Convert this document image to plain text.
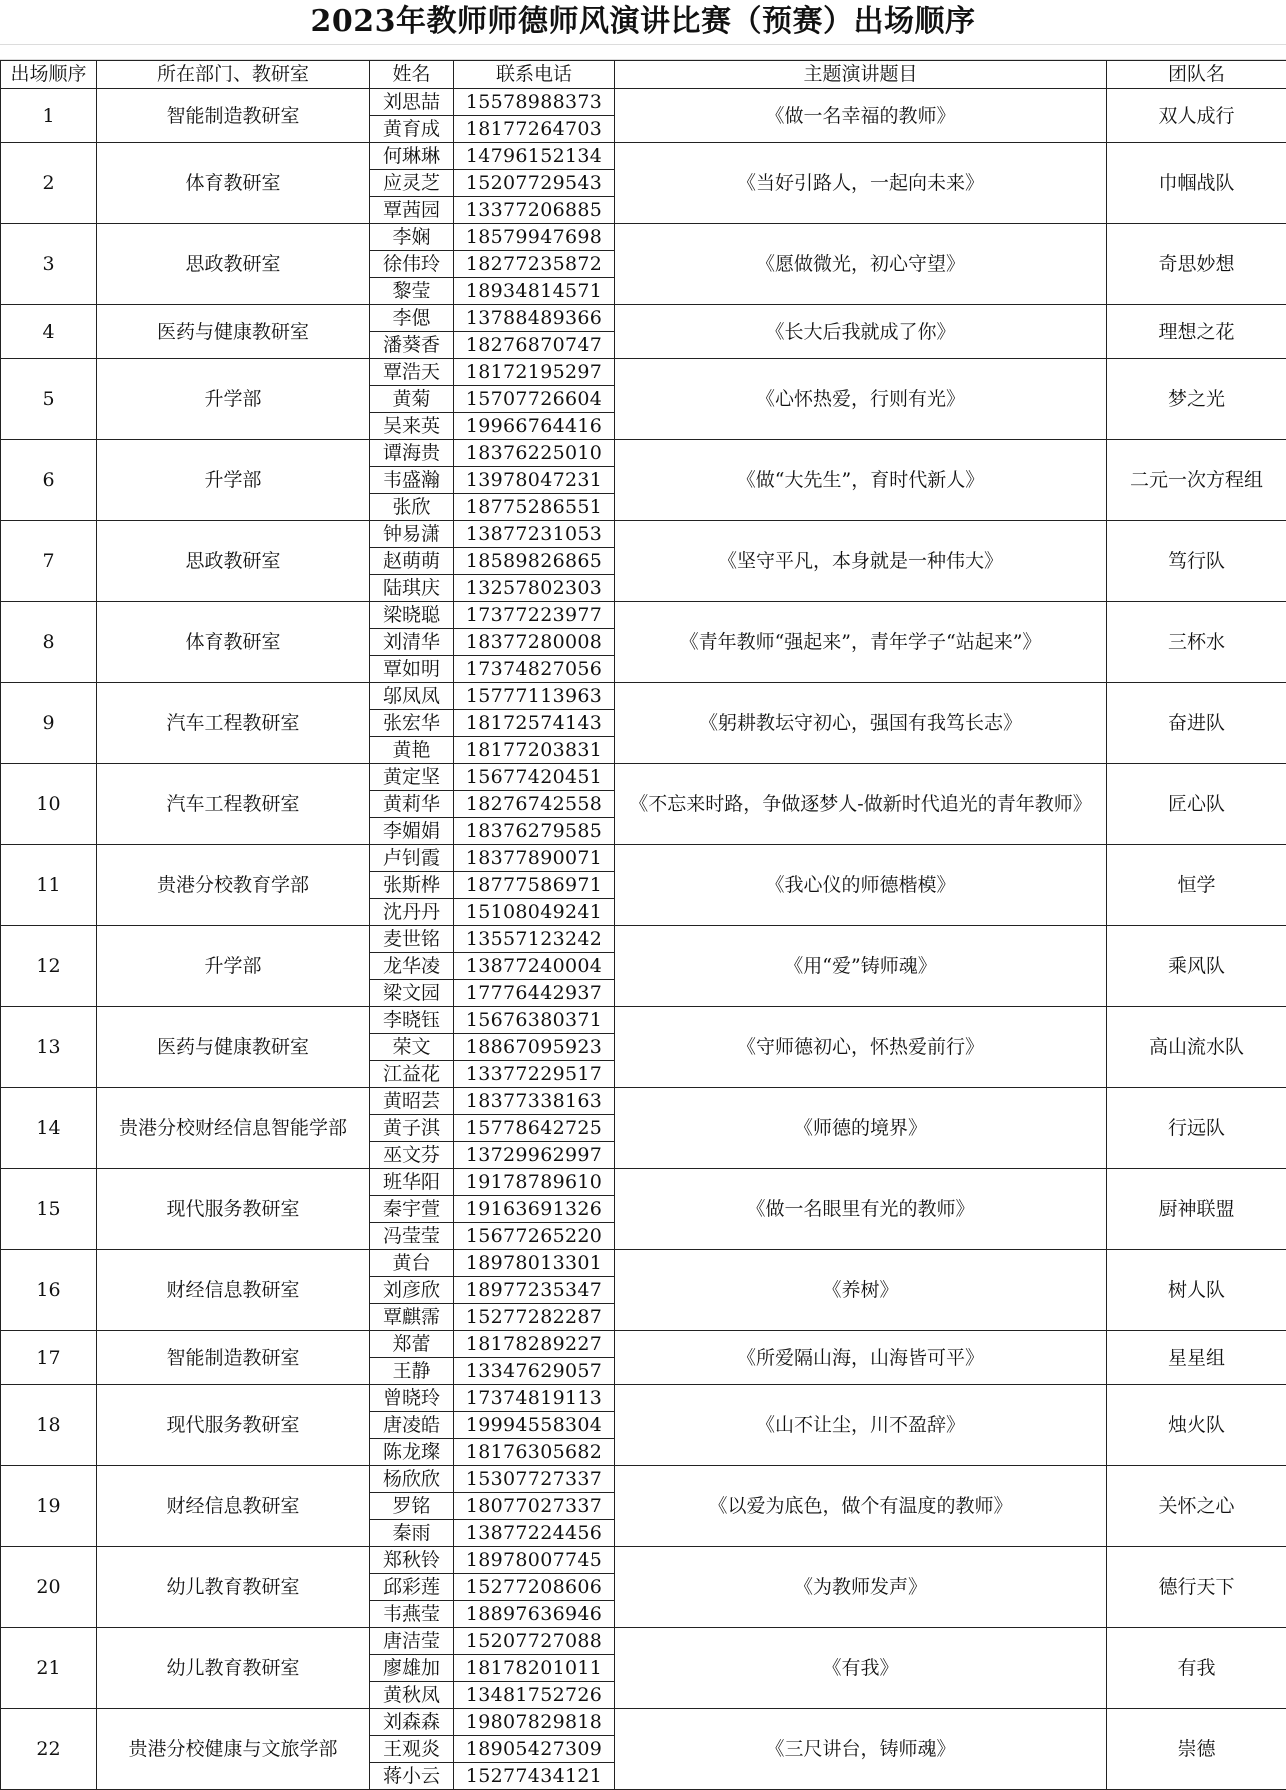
2023年教师师德师风演讲比赛（预赛）出场顺序
出场顺序	所在部门、教研室	姓名	联系电话	主题演讲题目	团队名
1	智能制造教研室	刘思喆	15578988373	《做一名幸福的教师》	双人成行
		黄育成	18177264703		
2	体育教研室	何琳琳	14796152134	《当好引路人，一起向未来》	巾帼战队
		应灵芝	15207729543		
		覃茜园	13377206885		
3	思政教研室	李娴	18579947698	《愿做微光，初心守望》	奇思妙想
		徐伟玲	18277235872		
		黎莹	18934814571		
4	医药与健康教研室	李偲	13788489366	《长大后我就成了你》	理想之花
		潘葵香	18276870747		
5	升学部	覃浩天	18172195297	《心怀热爱，行则有光》	梦之光
		黄菊	15707726604		
		吴来英	19966764416		
6	升学部	谭海贵	18376225010	《做“大先生”，育时代新人》	二元一次方程组
		韦盛瀚	13978047231		
		张欣	18775286551		
7	思政教研室	钟易潇	13877231053	《坚守平凡，本身就是一种伟大》	笃行队
		赵萌萌	18589826865		
		陆琪庆	13257802303		
8	体育教研室	梁晓聪	17377223977	《青年教师“强起来”，青年学子“站起来”》	三杯水
		刘清华	18377280008		
		覃如明	17374827056		
9	汽车工程教研室	邬凤凤	15777113963	《躬耕教坛守初心，强国有我笃长志》	奋进队
		张宏华	18172574143		
		黄艳	18177203831		
10	汽车工程教研室	黄定坚	15677420451	《不忘来时路，争做逐梦人-做新时代追光的青年教师》	匠心队
		黄莉华	18276742558		
		李媚娟	18376279585		
11	贵港分校教育学部	卢钊霞	18377890071	《我心仪的师德楷模》	恒学
		张斯桦	18777586971		
		沈丹丹	15108049241		
12	升学部	麦世铭	13557123242	《用“爱”铸师魂》	乘风队
		龙华凌	13877240004		
		梁文园	17776442937		
13	医药与健康教研室	李晓钰	15676380371	《守师德初心，怀热爱前行》	高山流水队
		荣文	18867095923		
		江益花	13377229517		
14	贵港分校财经信息智能学部	黄昭芸	18377338163	《师德的境界》	行远队
		黄子淇	15778642725		
		巫文芬	13729962997		
15	现代服务教研室	班华阳	19178789610	《做一名眼里有光的教师》	厨神联盟
		秦宇萱	19163691326		
		冯莹莹	15677265220		
16	财经信息教研室	黄台	18978013301	《养树》	树人队
		刘彦欣	18977235347		
		覃麒霈	15277282287		
17	智能制造教研室	郑蕾	18178289227	《所爱隔山海，山海皆可平》	星星组
		王静	13347629057		
18	现代服务教研室	曾晓玲	17374819113	《山不让尘，川不盈辞》	烛火队
		唐凌皓	19994558304		
		陈龙璨	18176305682		
19	财经信息教研室	杨欣欣	15307727337	《以爱为底色，做个有温度的教师》	关怀之心
		罗铭	18077027337		
		秦雨	13877224456		
20	幼儿教育教研室	郑秋铃	18978007745	《为教师发声》	德行天下
		邱彩莲	15277208606		
		韦燕莹	18897636946		
21	幼儿教育教研室	唐洁莹	15207727088	《有我》	有我
		廖雄加	18178201011		
		黄秋凤	13481752726		
22	贵港分校健康与文旅学部	刘森森	19807829818	《三尺讲台，铸师魂》	崇德
		王观炎	18905427309		
		蒋小云	15277434121		
